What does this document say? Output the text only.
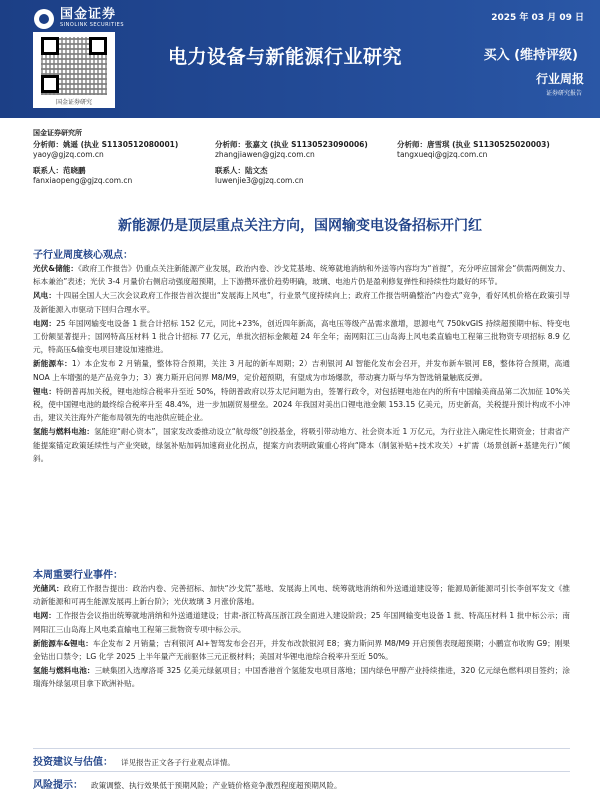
国金证券
SINOLINK SECURITIES
国金证券研究
2025 年 03 月 09 日
电力设备与新能源行业研究	买入 (维持评级)
行业周报
证券研究报告
国金证券研究所
分析师：姚遥 (执业 S1130512080001)
yaoy@gjzq.com.cn
分析师：张嘉文 (执业 S1130523090006)
zhangjiawen@gjzq.com.cn
分析师：唐雪琪 (执业 S1130525020003)
tangxueqi@gjzq.com.cn
联系人：范晓鹏
fanxiaopeng@gjzq.com.cn
联系人：陆文杰
luwenjie3@gjzq.com.cn
新能源仍是顶层重点关注方向，国网输变电设备招标开门红
子行业周度核心观点：

光伏&储能：《政府工作报告》仍重点关注新能源产业发展，政治内卷、沙戈荒基地、统筹就地消纳和外送等内容均为“首提”，充分呼应国常会“供需两侧发力、标本兼治”表述；光伏 3-4 月量价右侧启动强度超预期，上下游攒环涨价趋势明确，玻璃、电池片仍是盈利修复弹性和持续性均最好的环节。

风电：十四届全国人大三次会议政府工作报告首次提出“发展海上风电”，行业景气度持续向上；政府工作报告明确整治“内卷式”竞争，看好风机价格在政策引导及新能源入市驱动下回归合理水平。

电网：25 年国网输变电设备 1 批合计招标 152 亿元，同比+23%，创近四年新高，高电压等级产品需求激增，思源电气 750kvGIS 持续超预期中标、特变电工份额显著提升；国网特高压材料 1 批合计招标 77 亿元，单批次招标金额超 24 年全年；南网阳江三山岛海上风电柔直输电工程第三批物资专项招标 8.9 亿元，特高压&输变电项目建设加速推进。

新能源车：1）本企发布 2 月销量，整体符合预期，关注 3 月起的新车周期；2）吉利银河 AI 智能化发布会召开，并发布新车银河 E8，整体符合预期，高通 NOA 上车增强的是产品竞争力；3）赛力斯开启问界 M8/M9，定价超预期，有望成为市场爆款，带动赛力斯与华为智选销量触底反弹。

锂电：特朗普再加关税，锂电池综合税率升至近 50%，特朗普政府以芬太尼问题为由，签署行政令，对包括锂电池在内的所有中国输美商品第二次加征 10%关税，使中国锂电池的最终综合税率升至 48.4%，进一步加剧贸易壁垒。2024 年我国对美出口锂电池金额 153.15 亿美元，历史新高，关税提升预计构成不小冲击，建议关注海外产能布局领先的电池供应链企业。

氢能与燃料电池：氢能迎“耐心资本”，国家发改委推动设立“航母级”创投基金，将吸引带动地方、社会资本近 1 万亿元，为行业注入确定性长期资金；甘肃省产能提案锚定政策延续性与产业突破，绿氢补贴加码加速商业化拐点，提案方向表明政策重心将向“降本（制氢补贴+技术攻关）+扩需（场景创新+基建先行）”倾斜。

本周重要行业事件：

光储风：政府工作报告提出：政治内卷、完善招标、加快“沙戈荒”基地、发展海上风电、统筹就地消纳和外送通道建设等；能源局新能源司引长李创军发文《推动新能源和可再生能源发展再上新台阶》；光伏玻璃 3 月涨价落地。

电网：工作报告会议指出统筹就地消纳和外送通道建设；甘肃-浙江特高压浙江段全面进入建设阶段；25 年国网输变电设备 1 批、特高压材料 1 批中标公示；南网阳江三山岛海上风电柔直输电工程第三批物资专项中标公示。

新能源车&锂电：车企发布 2 月销量；吉利银河 AI+智驾发布会召开，并发布改款银河 E8；赛力斯问界 M8/M9 开启预售表现超预期；小鹏宣布收购 G9；刚果金钴出口禁令；LG 化学 2025 上半年量产无前驱体三元正极材料；美国对华锂电池综合税率升至近 50%。

氢能与燃料电池：三峡集团入选摩洛哥 325 亿美元绿氨项目；中国香港首个氢能发电项目落地；国内绿色甲醇产业持续推进，320 亿元绿色燃料项目签约；涂瑞海外绿氢项目拿下欧洲补贴。

投资建议与估值： 详见报告正文各子行业观点详情。
风险提示： 政策调整、执行效果低于预期风险；产业链价格竞争激烈程度超预期风险。
